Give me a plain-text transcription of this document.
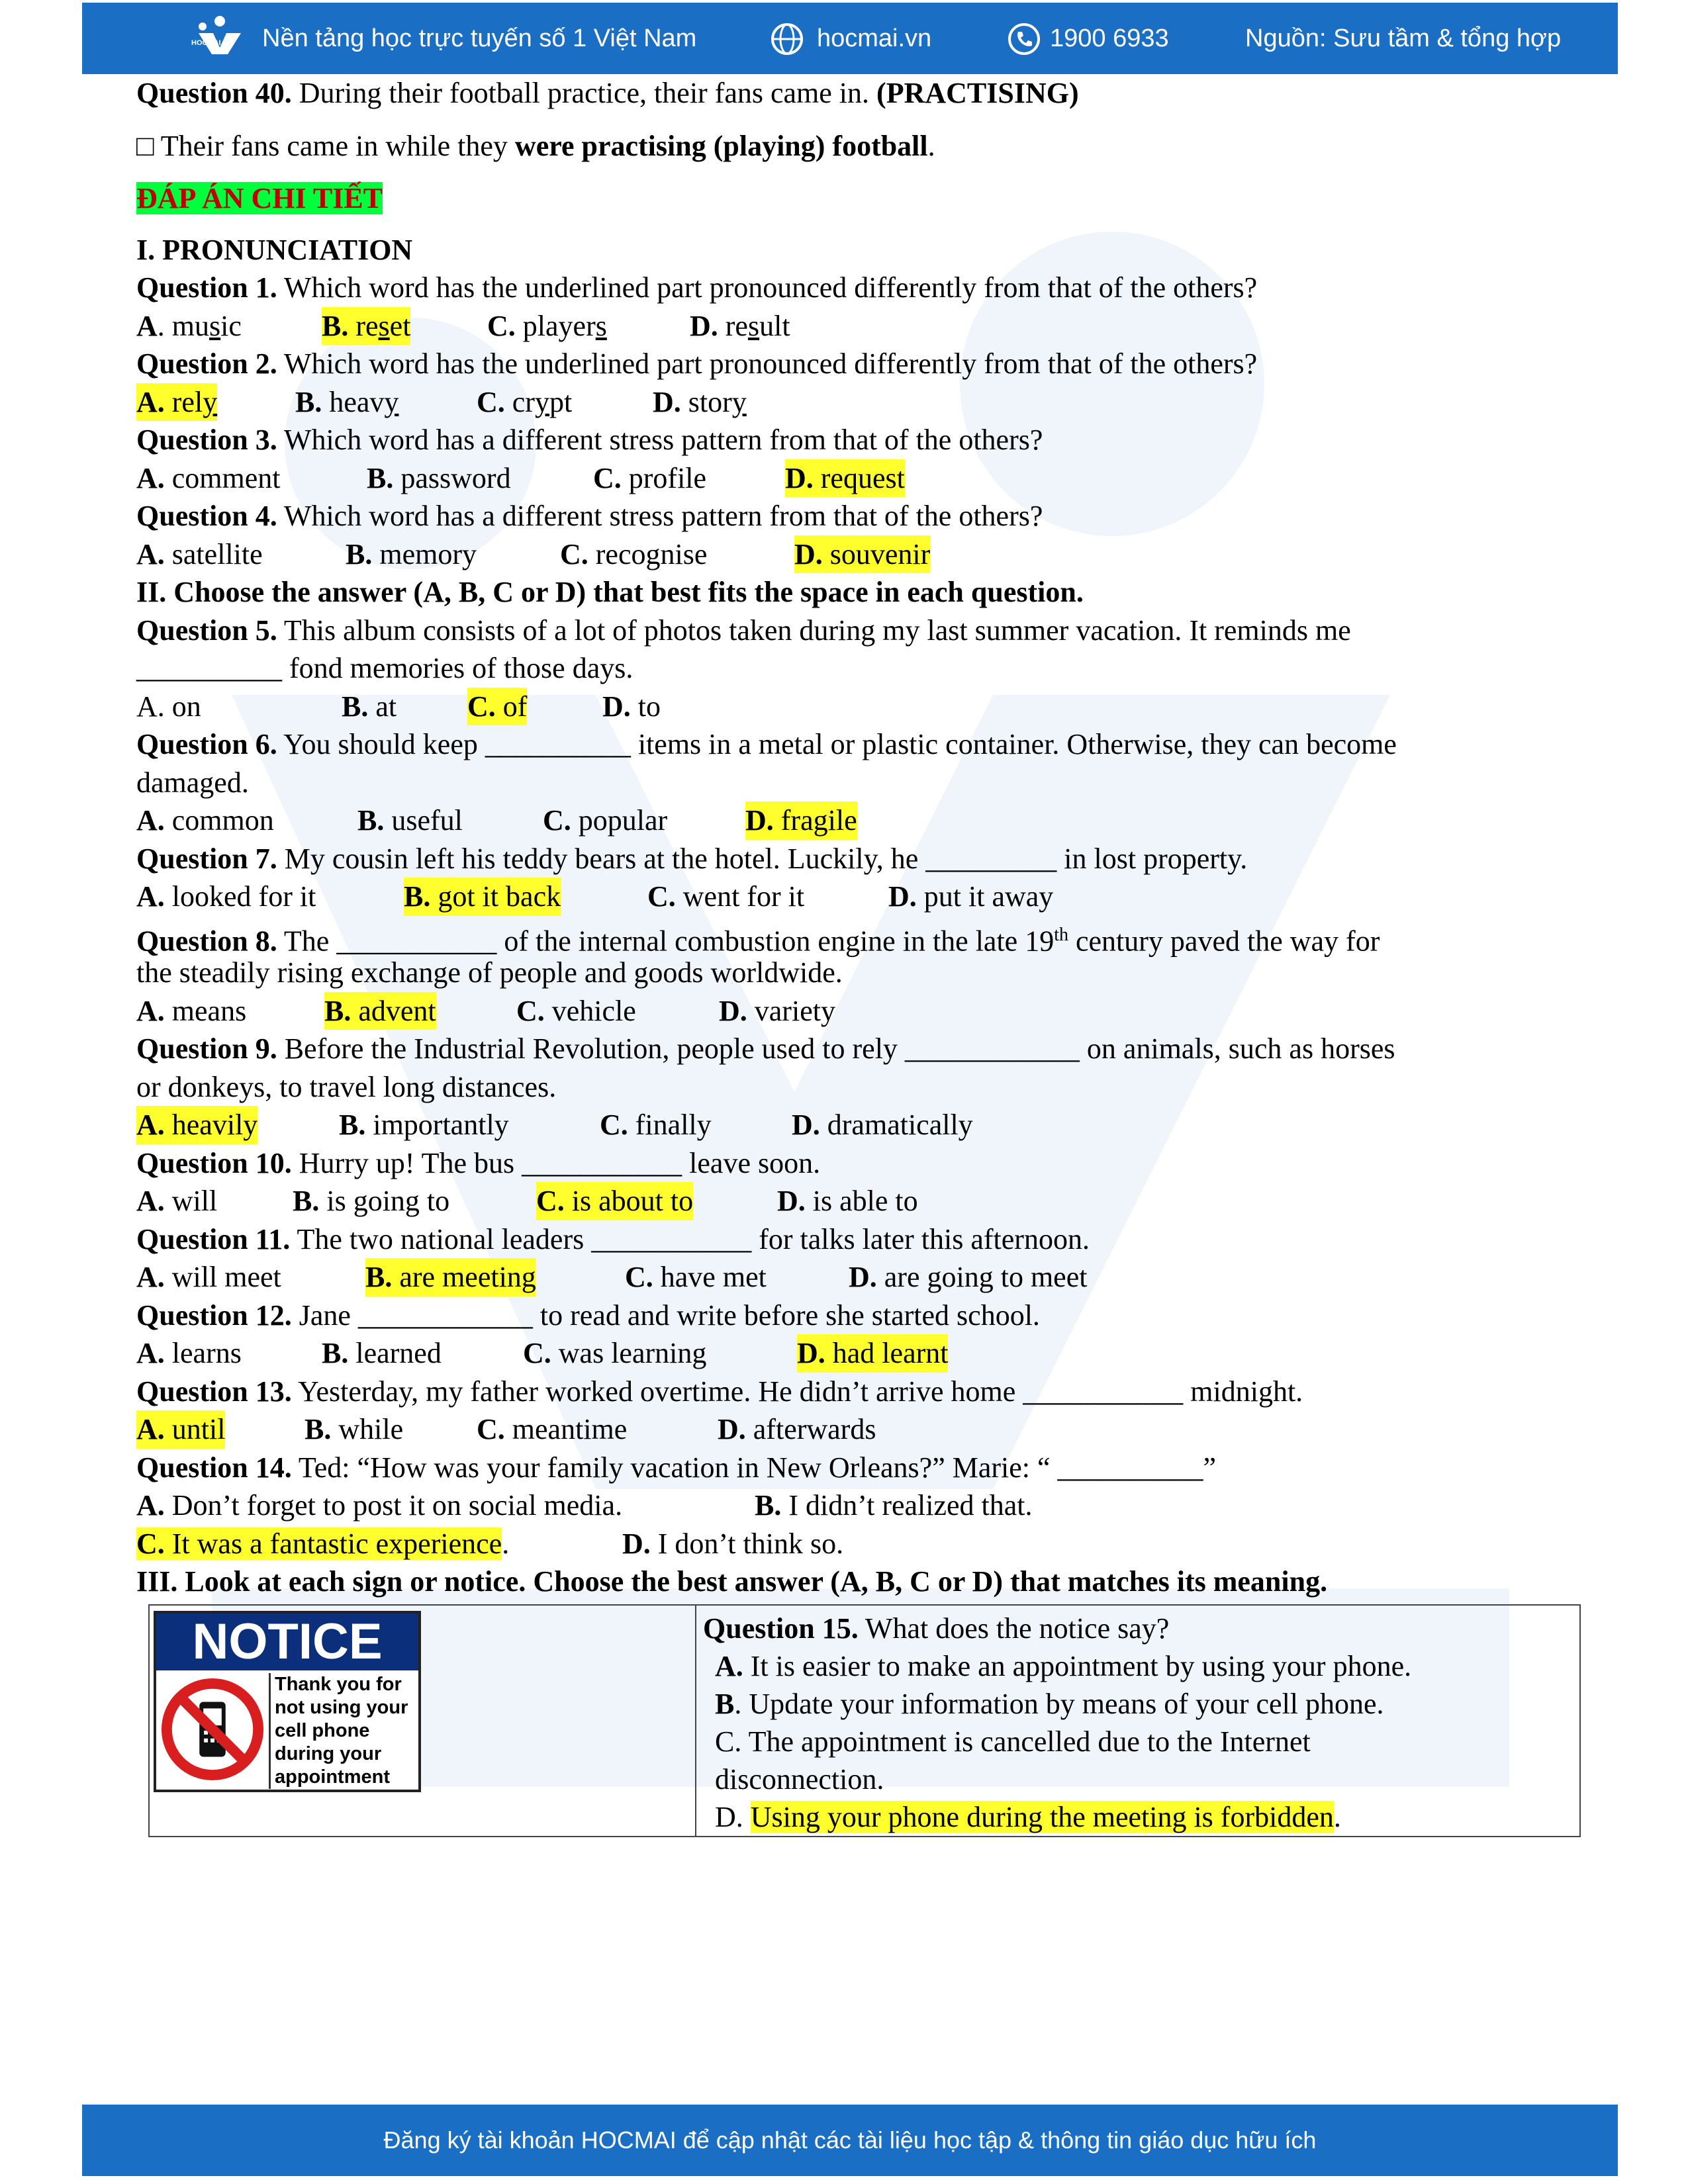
HOCMAI Nền tảng học trực tuyến số 1 Việt Nam	hocmai.vn	1900 6933	Nguồn: Sưu tầm & tổng hợp
Question 40. During their football practice, their fans came in. (PRACTISING)
□ Their fans came in while they were practising (playing) football.
ĐÁP ÁN CHI TIẾT
I. PRONUNCIATION
Question 1. Which word has the underlined part pronounced differently from that of the others?
A. music	B. reset	C. players	D. result
Question 2. Which word has the underlined part pronounced differently from that of the others?
A. rely	B. heavy	C. crypt	D. story
Question 3. Which word has a different stress pattern from that of the others?
A. comment	B. password	C. profile	D. request
Question 4. Which word has a different stress pattern from that of the others?
A. satellite	B. memory	C. recognise	D. souvenir
II. Choose the answer (A, B, C or D) that best fits the space in each question.
Question 5. This album consists of a lot of photos taken during my last summer vacation. It reminds me
__________ fond memories of those days.
A. on	B. at C. of	D. to
Question 6. You should keep __________ items in a metal or plastic container. Otherwise, they can become
damaged.
A. common	B. useful	C. popular	D. fragile
Question 7. My cousin left his teddy bears at the hotel. Luckily, he _________ in lost property.
A. looked for it	B. got it back	C. went for it	D. put it away
Question 8. The ___________ of the internal combustion engine in the late 19th century paved the way for
the steadily rising exchange of people and goods worldwide.
A. means	B. advent	C. vehicle	D. variety
Question 9. Before the Industrial Revolution, people used to rely ____________ on animals, such as horses
or donkeys, to travel long distances.
A. heavily	B. importantly	C. finally	D. dramatically
Question 10. Hurry up! The bus ___________ leave soon.
A. will	B. is going to	C. is about to	D. is able to
Question 11. The two national leaders ___________ for talks later this afternoon.
A. will meet	B. are meeting	C. have met	D. are going to meet
Question 12. Jane ____________ to read and write before she started school.
A. learns	B. learned	C. was learning	D. had learnt
Question 13. Yesterday, my father worked overtime. He didn’t arrive home ___________ midnight.
A. until	B. while	C. meantime	D. afterwards
Question 14. Ted: “How was your family vacation in New Orleans?” Marie: “ __________”
A. Don’t forget to post it on social media.	B. I didn’t realized that.
C. It was a fantastic experience.	D. I don’t think so.
III. Look at each sign or notice. Choose the best answer (A, B, C or D) that matches its meaning.
NOTICE
Thank you for
not using your
cell phone
during your
appointment
Question 15. What does the notice say?
A. It is easier to make an appointment by using your phone.
B. Update your information by means of your cell phone.
C. The appointment is cancelled due to the Internet
disconnection.
D. Using your phone during the meeting is forbidden.
Đăng ký tài khoản HOCMAI để cập nhật các tài liệu học tập & thông tin giáo dục hữu ích
